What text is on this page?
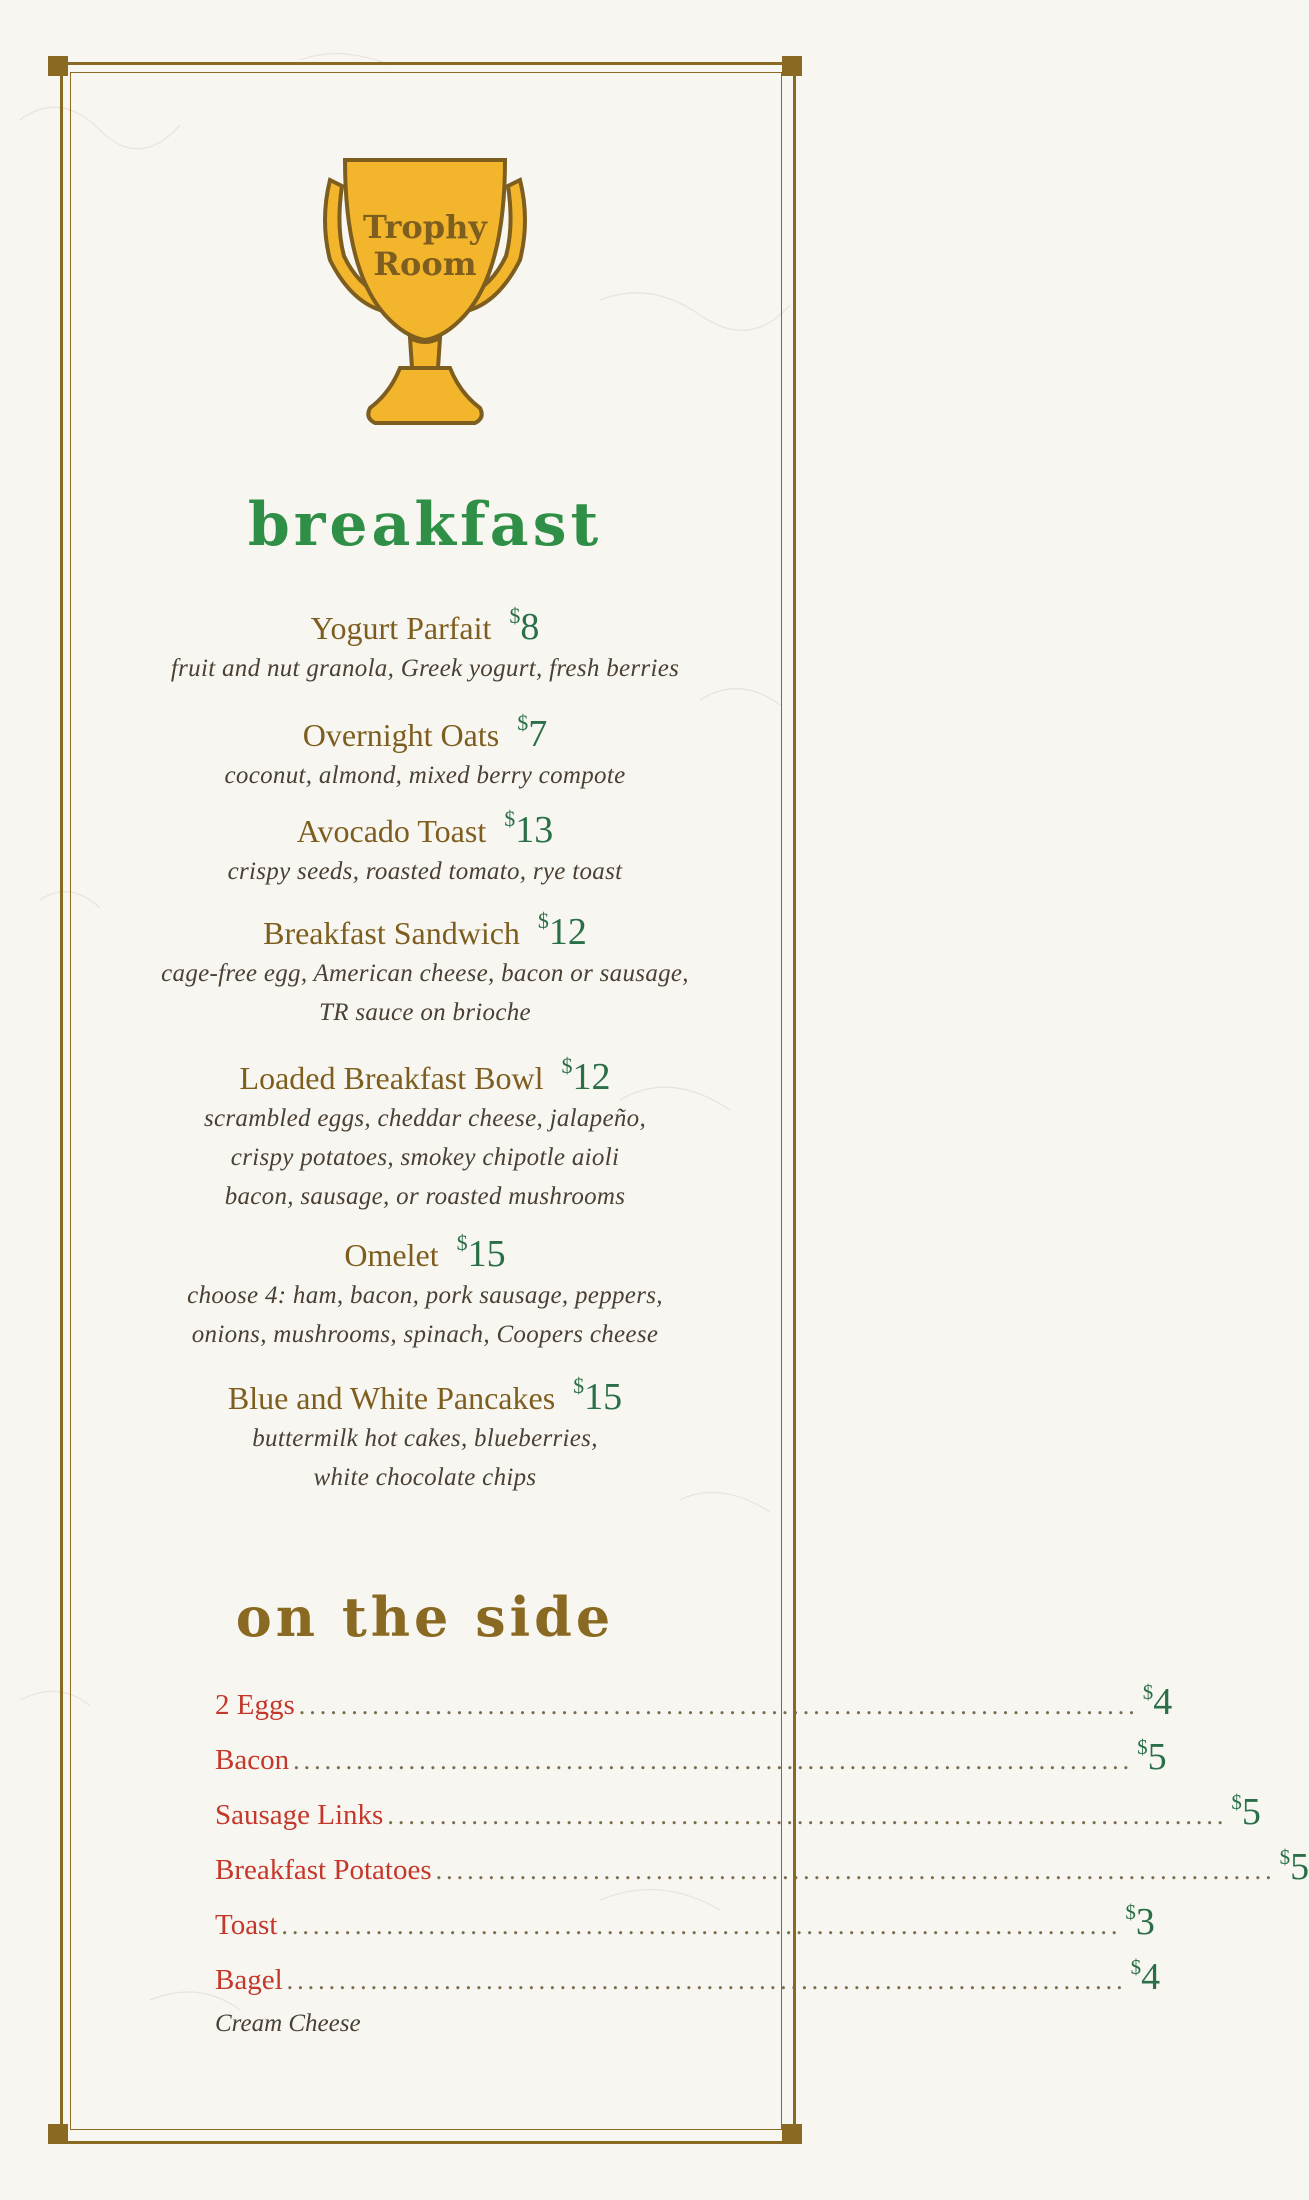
Trophy
Room
breakfast
Yogurt Parfait $8
fruit and nut granola, Greek yogurt, fresh berries
Overnight Oats $7
coconut, almond, mixed berry compote
Avocado Toast $13
crispy seeds, roasted tomato, rye toast
Breakfast Sandwich $12
cage-free egg, American cheese, bacon or sausage,
TR sauce on brioche
Loaded Breakfast Bowl $12
scrambled eggs, cheddar cheese, jalapeño,
crispy potatoes, smokey chipotle aioli
bacon, sausage, or roasted mushrooms
Omelet $15
choose 4: ham, bacon, pork sausage, peppers,
onions, mushrooms, spinach, Coopers cheese
Blue and White Pancakes $15
buttermilk hot cakes, blueberries,
white chocolate chips
on the side
2 Eggs ................................................................................ $4
Bacon ................................................................................ $5
Sausage Links ................................................................................ $5
Breakfast Potatoes ................................................................................ $5
Toast ................................................................................ $3
Bagel ................................................................................ $4
Cream Cheese
